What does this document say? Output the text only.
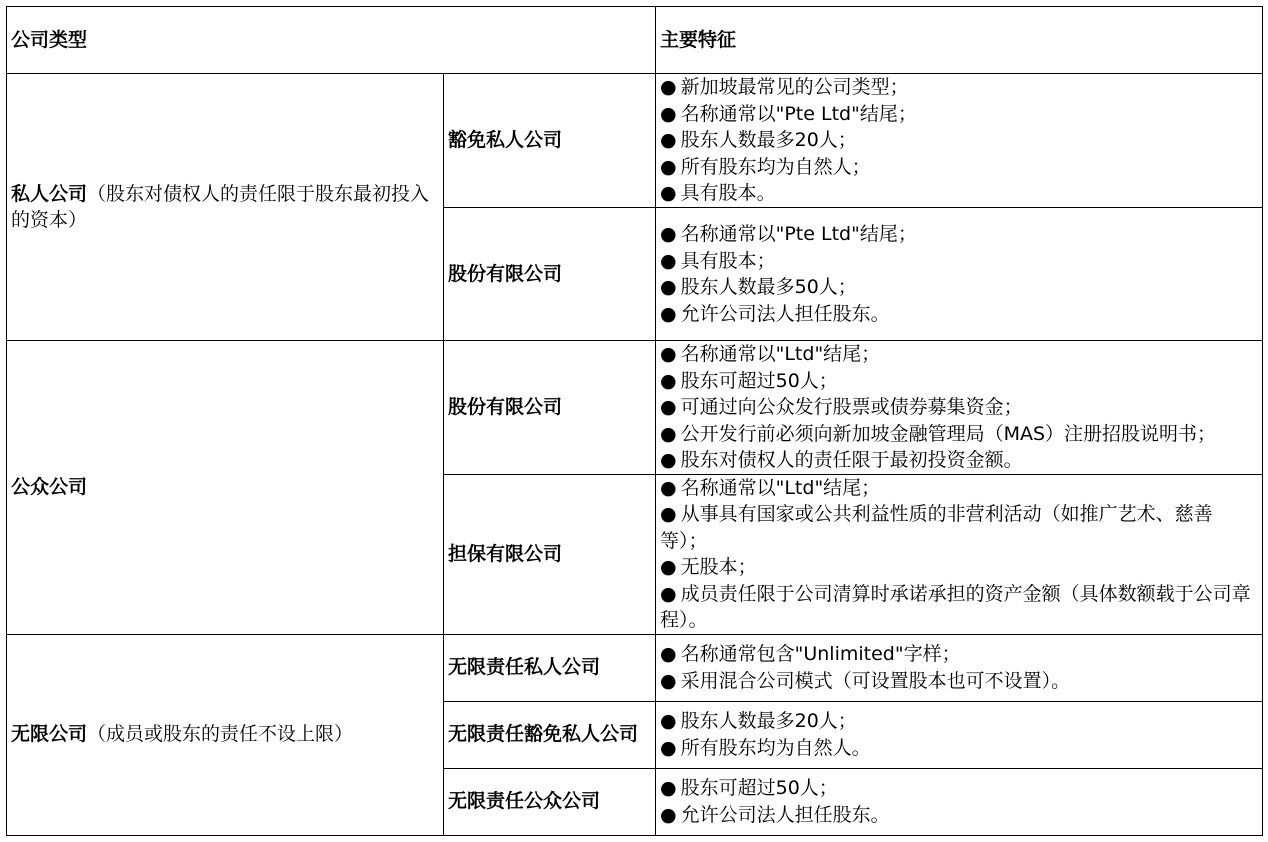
公司类型		主要特征
私人公司（股东对债权人的责任限于股东最初投入的资本）	豁免私人公司	● 新加坡最常见的公司类型；
● 名称通常以"Pte Ltd"结尾；
● 股东人数最多20人；
● 所有股东均为自然人；
● 具有股本。

	股份有限公司	● 名称通常以"Pte Ltd"结尾；
● 具有股本；
● 股东人数最多50人；
● 允许公司法人担任股东。

公众公司	股份有限公司	● 名称通常以"Ltd"结尾；
● 股东可超过50人；
● 可通过向公众发行股票或债券募集资金；
● 公开发行前必须向新加坡金融管理局（MAS）注册招股说明书；
● 股东对债权人的责任限于最初投资金额。

	担保有限公司	● 名称通常以"Ltd"结尾；
● 从事具有国家或公共利益性质的非营利活动（如推广艺术、慈善等）；
● 无股本；
● 成员责任限于公司清算时承诺承担的资产金额（具体数额载于公司章程）。

无限公司（成员或股东的责任不设上限）	无限责任私人公司	● 名称通常包含"Unlimited"字样；
● 采用混合公司模式（可设置股本也可不设置）。

	无限责任豁免私人公司	● 股东人数最多20人；
● 所有股东均为自然人。

	无限责任公众公司	● 股东可超过50人；
● 允许公司法人担任股东。
